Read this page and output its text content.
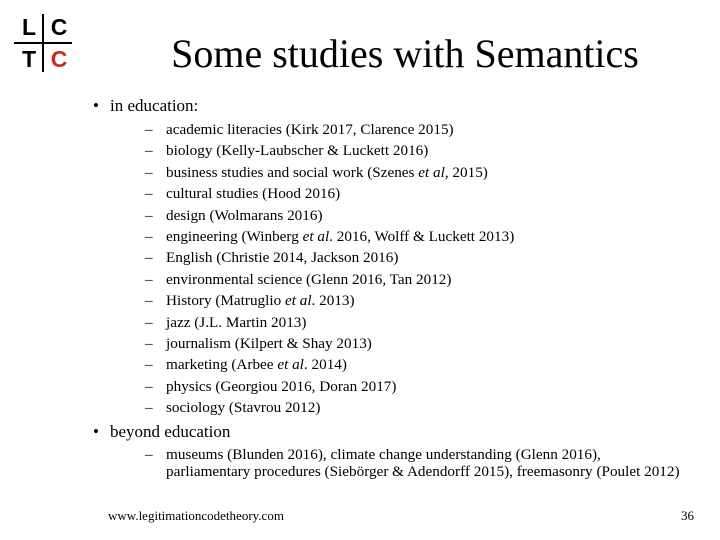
L C
T C	Some studies with Semantics
• in education:
– academic literacies (Kirk 2017, Clarence 2015)
– biology (Kelly-Laubscher & Luckett 2016)
– business studies and social work (Szenes et al, 2015)
– cultural studies (Hood 2016)
– design (Wolmarans 2016)
– engineering (Winberg et al. 2016, Wolff & Luckett 2013)
– English (Christie 2014, Jackson 2016)
– environmental science (Glenn 2016, Tan 2012)
– History (Matruglio et al. 2013)
– jazz (J.L. Martin 2013)
– journalism (Kilpert & Shay 2013)
– marketing (Arbee et al. 2014)
– physics (Georgiou 2016, Doran 2017)
– sociology (Stavrou 2012)
• beyond education
– museums (Blunden 2016), climate change understanding (Glenn 2016), parliamentary procedures (Siebörger & Adendorff 2015), freemasonry (Poulet 2012)
www.legitimationcodetheory.com	36
